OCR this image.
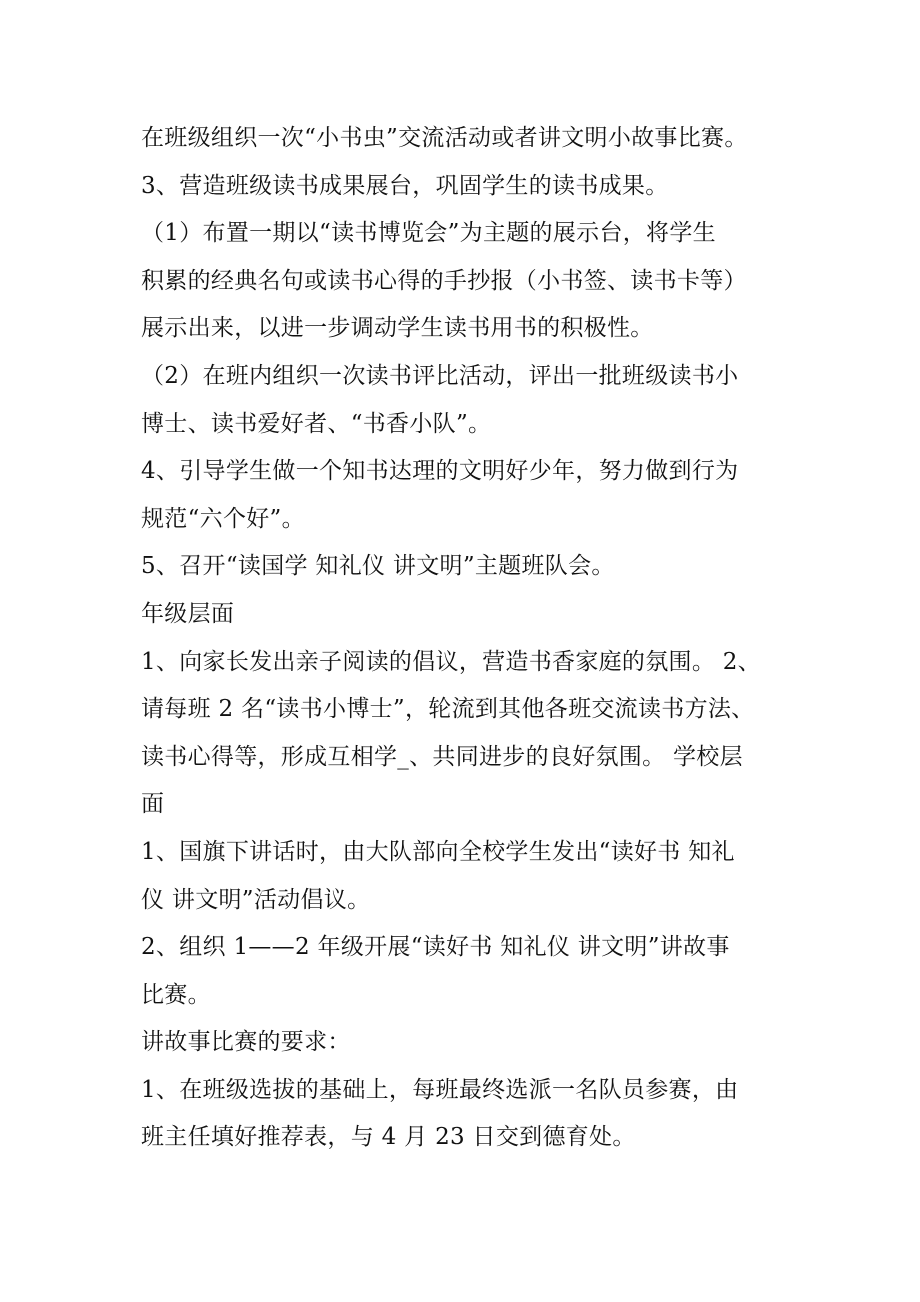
在班级组织一次“小书虫”交流活动或者讲文明小故事比赛。
3、营造班级读书成果展台，巩固学生的读书成果。
（1）布置一期以“读书博览会”为主题的展示台，将学生
积累的经典名句或读书心得的手抄报（小书签、读书卡等）
展示出来，以进一步调动学生读书用书的积极性。
（2）在班内组织一次读书评比活动，评出一批班级读书小
博士、读书爱好者、“书香小队”。
4、引导学生做一个知书达理的文明好少年，努力做到行为
规范“六个好”。
5、召开“读国学 知礼仪 讲文明”主题班队会。
年级层面
1、向家长发出亲子阅读的倡议，营造书香家庭的氛围。 2、
请每班 2 名“读书小博士”，轮流到其他各班交流读书方法、
读书心得等，形成互相学_、共同进步的良好氛围。 学校层
面
1、国旗下讲话时，由大队部向全校学生发出“读好书 知礼
仪 讲文明”活动倡议。
2、组织 1——2 年级开展“读好书 知礼仪 讲文明”讲故事
比赛。
讲故事比赛的要求：
1、在班级选拔的基础上，每班最终选派一名队员参赛，由
班主任填好推荐表，与 4 月 23 日交到德育处。
